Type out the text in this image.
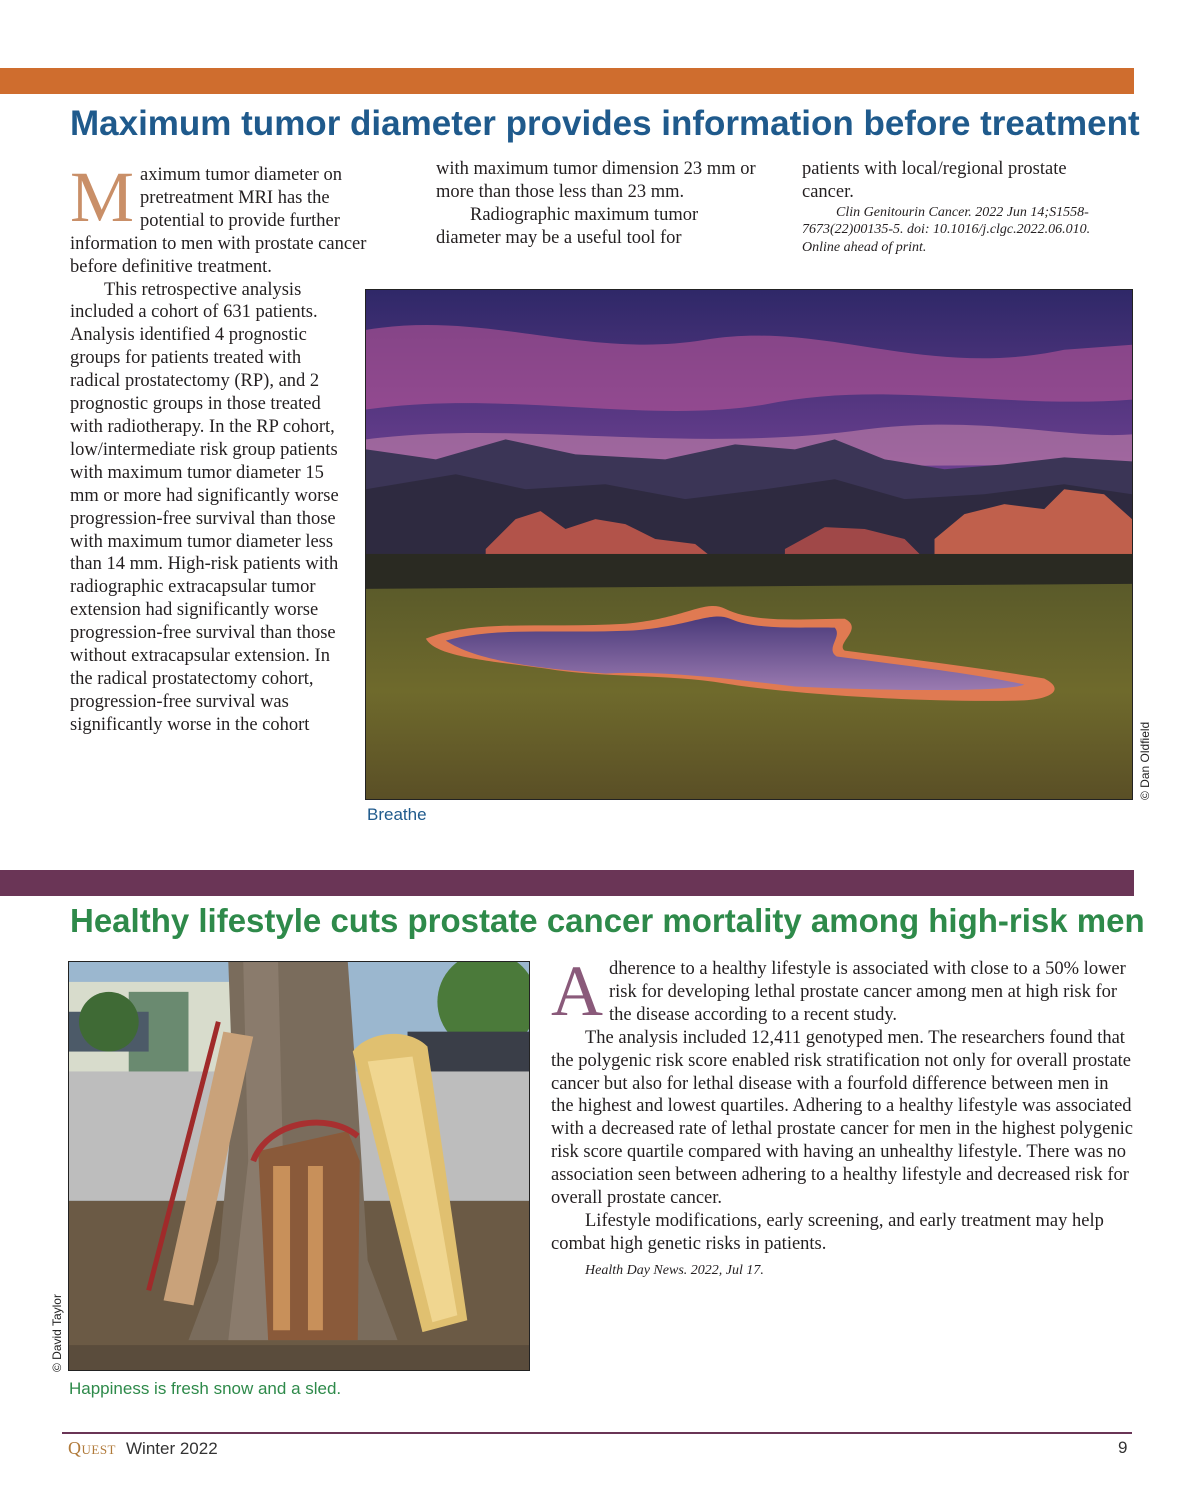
Maximum tumor diameter provides information before treatment

Maximum tumor diameter on pretreatment MRI has the potential to provide further information to men with prostate cancer before definitive treatment.

This retrospective analysis included a cohort of 631 patients. Analysis identified 4 prognostic groups for patients treated with radical prostatectomy (RP), and 2 prognostic groups in those treated with radiotherapy. In the RP cohort, low/intermediate risk group patients with maximum tumor diameter 15 mm or more had significantly worse progression-free survival than those with maximum tumor diameter less than 14 mm. High-risk patients with radiographic extracapsular tumor extension had significantly worse progression-free survival than those without extracapsular extension. In the radical prostatectomy cohort, progression-free survival was significantly worse in the cohort

with maximum tumor dimension 23 mm or more than those less than 23 mm.

Radiographic maximum tumor diameter may be a useful tool for

patients with local/regional prostate cancer.

Clin Genitourin Cancer. 2022 Jun 14;S1558-7673(22)00135-5. doi: 10.1016/j.clgc.2022.06.010. Online ahead of print.

© Dan Oldfield
Breathe
Healthy lifestyle cuts prostate cancer mortality among high-risk men
© David Taylor
Happiness is fresh snow and a sled.

Adherence to a healthy lifestyle is associated with close to a 50% lower risk for developing lethal prostate cancer among men at high risk for the disease according to a recent study.

The analysis included 12,411 genotyped men. The researchers found that the polygenic risk score enabled risk stratification not only for overall prostate cancer but also for lethal disease with a fourfold difference between men in the highest and lowest quartiles. Adhering to a healthy lifestyle was associated with a decreased rate of lethal prostate cancer for men in the highest polygenic risk score quartile compared with having an unhealthy lifestyle. There was no association seen between adhering to a healthy lifestyle and decreased risk for overall prostate cancer.

Lifestyle modifications, early screening, and early treatment may help combat high genetic risks in patients.

Health Day News. 2022, Jul 17.

Quest Winter 2022	9
